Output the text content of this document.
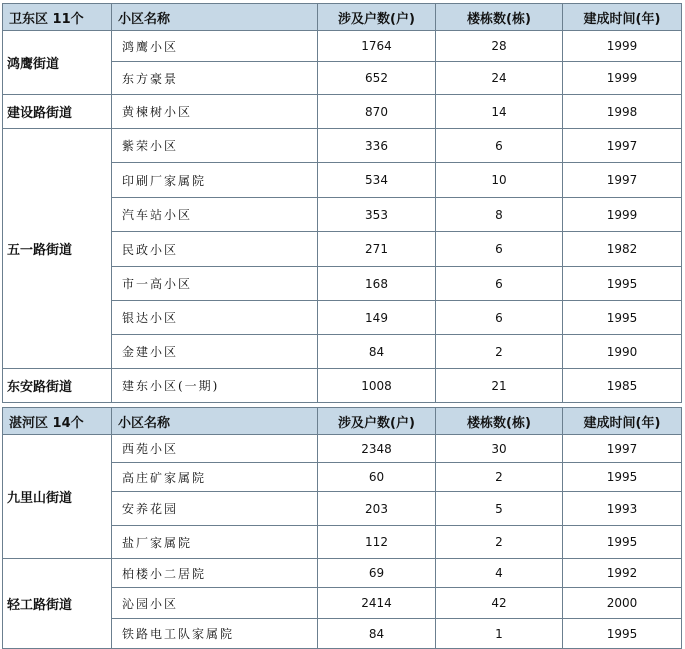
卫东区 11个	小区名称	涉及户数(户)	楼栋数(栋)	建成时间(年)
鸿鹰街道	鸿鹰小区	1764	28	1999
	东方豪景	652	24	1999
建设路街道	黄楝树小区	870	14	1998
五一路街道	紫荣小区	336	6	1997
	印刷厂家属院	534	10	1997
	汽车站小区	353	8	1999
	民政小区	271	6	1982
	市一高小区	168	6	1995
	银达小区	149	6	1995
	金建小区	84	2	1990
东安路街道	建东小区(一期)	1008	21	1985
湛河区 14个	小区名称	涉及户数(户)	楼栋数(栋)	建成时间(年)
九里山街道	西苑小区	2348	30	1997
	高庄矿家属院	60	2	1995
	安养花园	203	5	1993
	盐厂家属院	112	2	1995
轻工路街道	柏楼小二居院	69	4	1992
	沁园小区	2414	42	2000
	铁路电工队家属院	84	1	1995
